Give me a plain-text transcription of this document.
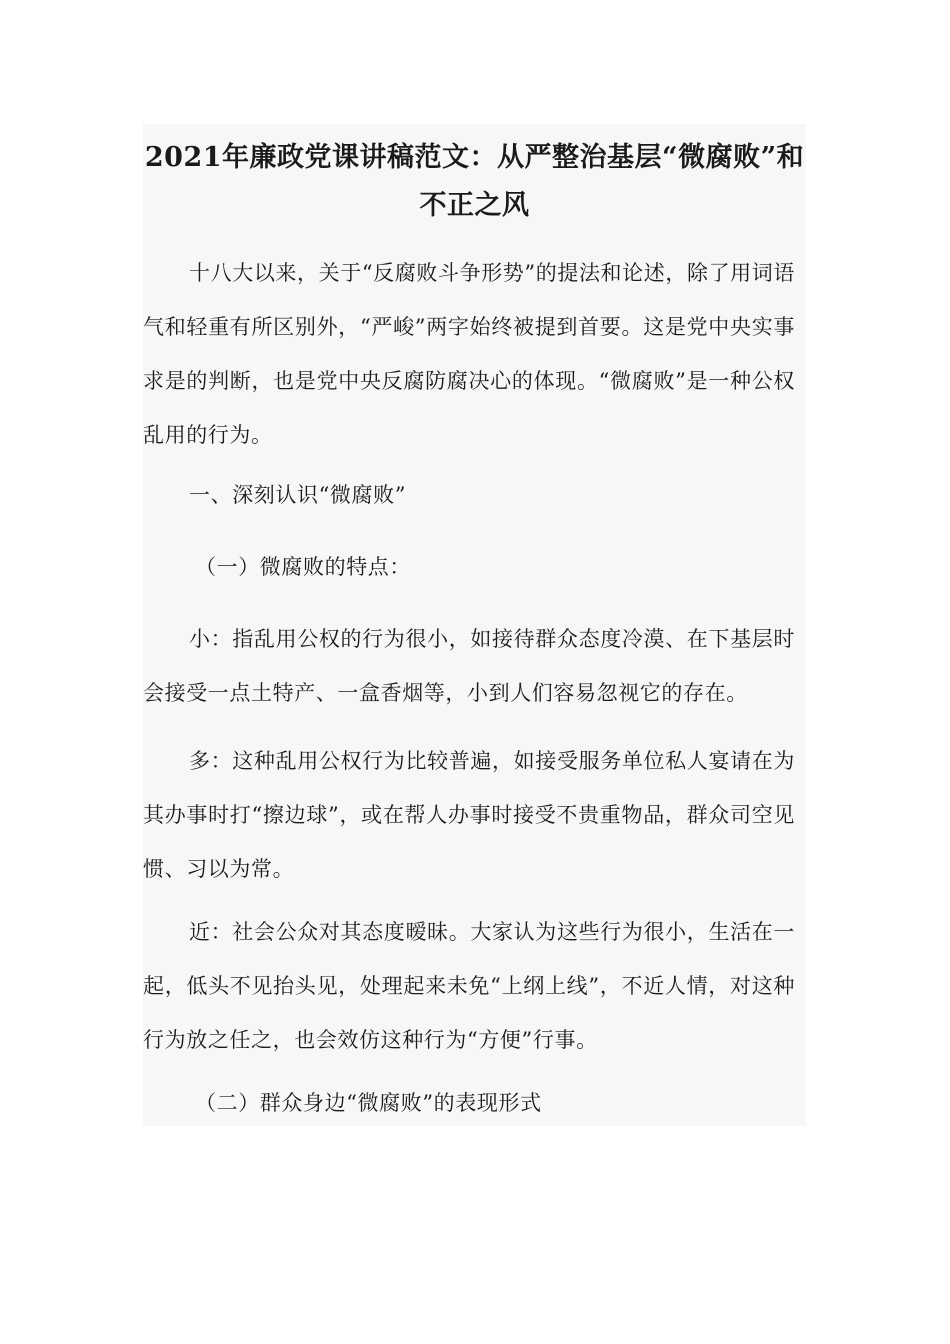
2021年廉政党课讲稿范文：从严整治基层“微腐败”和不正之风

十八大以来，关于“反腐败斗争形势”的提法和论述，除了用词语气和轻重有所区别外，“严峻”两字始终被提到首要。这是党中央实事求是的判断，也是党中央反腐防腐决心的体现。“微腐败”是一种公权乱用的行为。

一、深刻认识“微腐败”

（一）微腐败的特点：

小：指乱用公权的行为很小，如接待群众态度冷漠、在下基层时会接受一点土特产、一盒香烟等，小到人们容易忽视它的存在。

多：这种乱用公权行为比较普遍，如接受服务单位私人宴请在为其办事时打“擦边球”，或在帮人办事时接受不贵重物品，群众司空见惯、习以为常。

近：社会公众对其态度暧昧。大家认为这些行为很小，生活在一起，低头不见抬头见，处理起来未免“上纲上线”，不近人情，对这种行为放之任之，也会效仿这种行为“方便”行事。

（二）群众身边“微腐败”的表现形式
